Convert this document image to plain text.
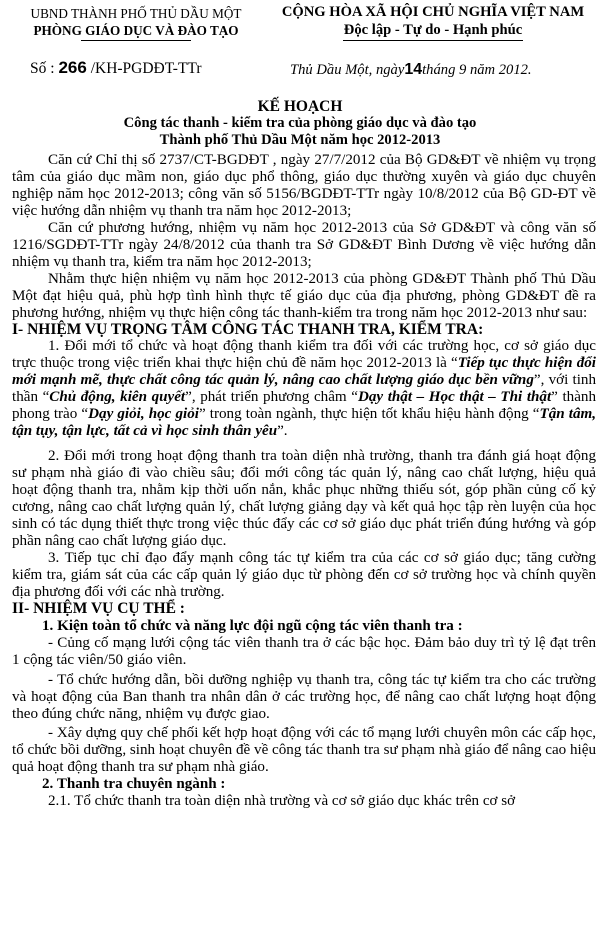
UBND THÀNH PHỐ THỦ DẦU MỘT
PHÒNG GIÁO DỤC VÀ ĐÀO TẠO
CỘNG HÒA XÃ HỘI CHỦ NGHĨA VIỆT NAM
Độc lập - Tự do - Hạnh phúc
Số : 266 /KH-PGDĐT-TTr	Thủ Dầu Một, ngày14tháng 9 năm 2012.
KẾ HOẠCH
Công tác thanh - kiểm tra của phòng giáo dục và đào tạo
Thành phố Thủ Dầu Một năm học 2012-2013

Căn cứ Chỉ thị số 2737/CT-BGDĐT , ngày 27/7/2012 của Bộ GD&ĐT về nhiệm vụ trọng tâm của giáo dục mầm non, giáo dục phổ thông, giáo dục thường xuyên và giáo dục chuyên nghiệp năm học 2012-2013; công văn số 5156/BGDĐT-TTr ngày 10/8/2012 của Bộ GD-ĐT về việc hướng dẫn nhiệm vụ thanh tra năm học 2012-2013;

Căn cứ phương hướng, nhiệm vụ năm học 2012-2013 của Sở GD&ĐT và công văn số 1216/SGDĐT-TTr ngày 24/8/2012 của thanh tra Sở GD&ĐT Bình Dương về việc hướng dẫn nhiệm vụ thanh tra, kiểm tra năm học 2012-2013;

Nhằm thực hiện nhiệm vụ năm học 2012-2013 của phòng GD&ĐT Thành phố Thủ Dầu Một đạt hiệu quả, phù hợp tình hình thực tế giáo dục của địa phương, phòng GD&ĐT đề ra phương hướng, nhiệm vụ thực hiện công tác thanh-kiểm tra trong năm học 2012-2013 như sau:

I- NHIỆM VỤ TRỌNG TÂM CÔNG TÁC THANH TRA, KIỂM TRA:

1. Đổi mới tổ chức và hoạt động thanh kiểm tra đối với các trường học, cơ sở giáo dục trực thuộc trong việc triển khai thực hiện chủ đề năm học 2012-2013 là “Tiếp tục thực hiện đổi mới mạnh mẽ, thực chất công tác quản lý, nâng cao chất lượng giáo dục bền vững”, với tinh thần “Chủ động, kiên quyết”, phát triển phương châm “Dạy thật – Học thật – Thi thật” thành phong trào “Dạy giỏi, học giỏi” trong toàn ngành, thực hiện tốt khẩu hiệu hành động “Tận tâm, tận tụy, tận lực, tất cả vì học sinh thân yêu”.

2. Đổi mới trong hoạt động thanh tra toàn diện nhà trường, thanh tra đánh giá hoạt động sư phạm nhà giáo đi vào chiều sâu; đổi mới công tác quản lý, nâng cao chất lượng, hiệu quả hoạt động thanh tra, nhằm kịp thời uốn nắn, khắc phục những thiếu sót, góp phần củng cố kỷ cương, nâng cao chất lượng quản lý, chất lượng giảng dạy và kết quả học tập rèn luyện của học sinh có tác dụng thiết thực trong việc thúc đẩy các cơ sở giáo dục phát triển đúng hướng và góp phần nâng cao chất lượng giáo dục.

3. Tiếp tục chỉ đạo đẩy mạnh công tác tự kiểm tra của các cơ sở giáo dục; tăng cường kiểm tra, giám sát của các cấp quản lý giáo dục từ phòng đến cơ sở trường học và chính quyền địa phương đối với các nhà trường.

II- NHIỆM VỤ CỤ THỂ :

1. Kiện toàn tổ chức và năng lực đội ngũ cộng tác viên thanh tra :

- Củng cố mạng lưới cộng tác viên thanh tra ở các bậc học. Đảm bảo duy trì tỷ lệ đạt trên 1 cộng tác viên/50 giáo viên.

- Tổ chức hướng dẫn, bồi dưỡng nghiệp vụ thanh tra, công tác tự kiểm tra cho các trường và hoạt động của Ban thanh tra nhân dân ở các trường học, để nâng cao chất lượng hoạt động theo đúng chức năng, nhiệm vụ được giao.

- Xây dựng quy chế phối kết hợp hoạt động với các tổ mạng lưới chuyên môn các cấp học, tổ chức bồi dưỡng, sinh hoạt chuyên đề về công tác thanh tra sư phạm nhà giáo để nâng cao hiệu quả hoạt động thanh tra sư phạm nhà giáo.

2. Thanh tra chuyên ngành :

2.1. Tổ chức thanh tra toàn diện nhà trường và cơ sở giáo dục khác trên cơ sở
